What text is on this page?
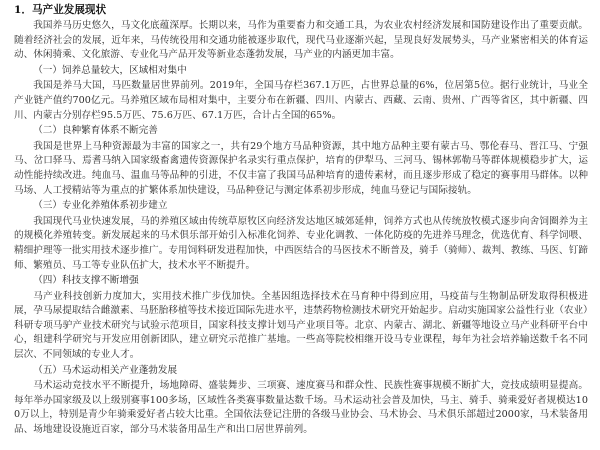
1．马产业发展现状

我国养马历史悠久，马文化底蕴深厚。长期以来，马作为重要畜力和交通工具，为农业农村经济发展和国防建设作出了重要贡献。随着经济社会的发展，近年来，马传统役用和交通功能被逐步取代，现代马业逐渐兴起，呈现良好发展势头，马产业紧密相关的体育运动、休闲骑乘、文化旅游、专业化马产品开发等新业态蓬勃发展，马产业的内涵更加丰富。

（一）饲养总量较大，区域相对集中

我国是养马大国，马匹数量居世界前列。2019年，全国马存栏367.1万匹，占世界总量的6%，位居第5位。据行业统计，马业全产业链产值约700亿元。马养殖区域布局相对集中，主要分布在新疆、四川、内蒙古、西藏、云南、贵州、广西等省区，其中新疆、四川、内蒙古分别存栏95.5万匹、75.6万匹、67.1万匹，合计占全国的65%。

（二）良种繁育体系不断完善

我国是世界上马种资源最为丰富的国家之一，共有29个地方马品种资源，其中地方品种主要有蒙古马、鄂伦春马、晋江马、宁强马、岔口驿马、焉耆马纳入国家级畜禽遗传资源保护名录实行重点保护，培育的伊犁马、三河马、锡林郭勒马等群体规模稳步扩大，运动性能持续改进。纯血马、温血马等品种的引进，不仅丰富了我国马品种培育的遗传素材，而且逐步形成了稳定的赛事用马群体。以种马场、人工授精站等为重点的扩繁体系加快建设，马品种登记与测定体系初步形成，纯血马登记与国际接轨。

（三）专业化养殖体系初步建立

我国现代马业快速发展，马的养殖区域由传统草原牧区向经济发达地区城郊延伸，饲养方式也从传统放牧模式逐步向舍饲圈养为主的规模化养殖转变。新发展起来的马术俱乐部开始引入标准化饲养、专业化调教、一体化防疫的先进养马理念，优选优育、科学饲喂、精细护理等一批实用技术逐步推广。专用饲料研发进程加快，中西医结合的马医技术不断普及，骑手（骑师）、裁判、教练、马医、钉蹄师、繁殖员、马工等专业队伍扩大，技术水平不断提升。

（四）科技支撑不断增强

马产业科技创新力度加大，实用技术推广步伐加快。全基因组选择技术在马育种中得到应用，马疫苗与生物制品研发取得积极进展，孕马尿提取结合雌激素、马胚胎移植等技术接近国际先进水平，违禁药物检测技术研究开始起步。启动实施国家公益性行业（农业）科研专项马驴产业技术研究与试验示范项目，国家科技支撑计划马产业项目等。北京、内蒙古、湖北、新疆等地设立马产业科研平台中心，组建科学研究与开发应用创新团队，建立研究示范推广基地。一些高等院校相继开设马专业课程，每年为社会培养输送数千名不同层次、不同领域的专业人才。

（五）马术运动相关产业蓬勃发展

马术运动竞技水平不断提升，场地障碍、盛装舞步、三项赛、速度赛马和群众性、民族性赛事规模不断扩大，竞技成绩明显提高。每年举办国家级及以上级别赛事100多场，区域性各类赛事数量达数千场。马术运动社会普及加快，马主、骑手、骑乘爱好者规模达100万以上，特别是青少年骑乘爱好者占较大比重。全国依法登记注册的各级马业协会、马术协会、马术俱乐部超过2000家，马术装备用品、场地建设设施近百家，部分马术装备用品生产和出口居世界前列。
